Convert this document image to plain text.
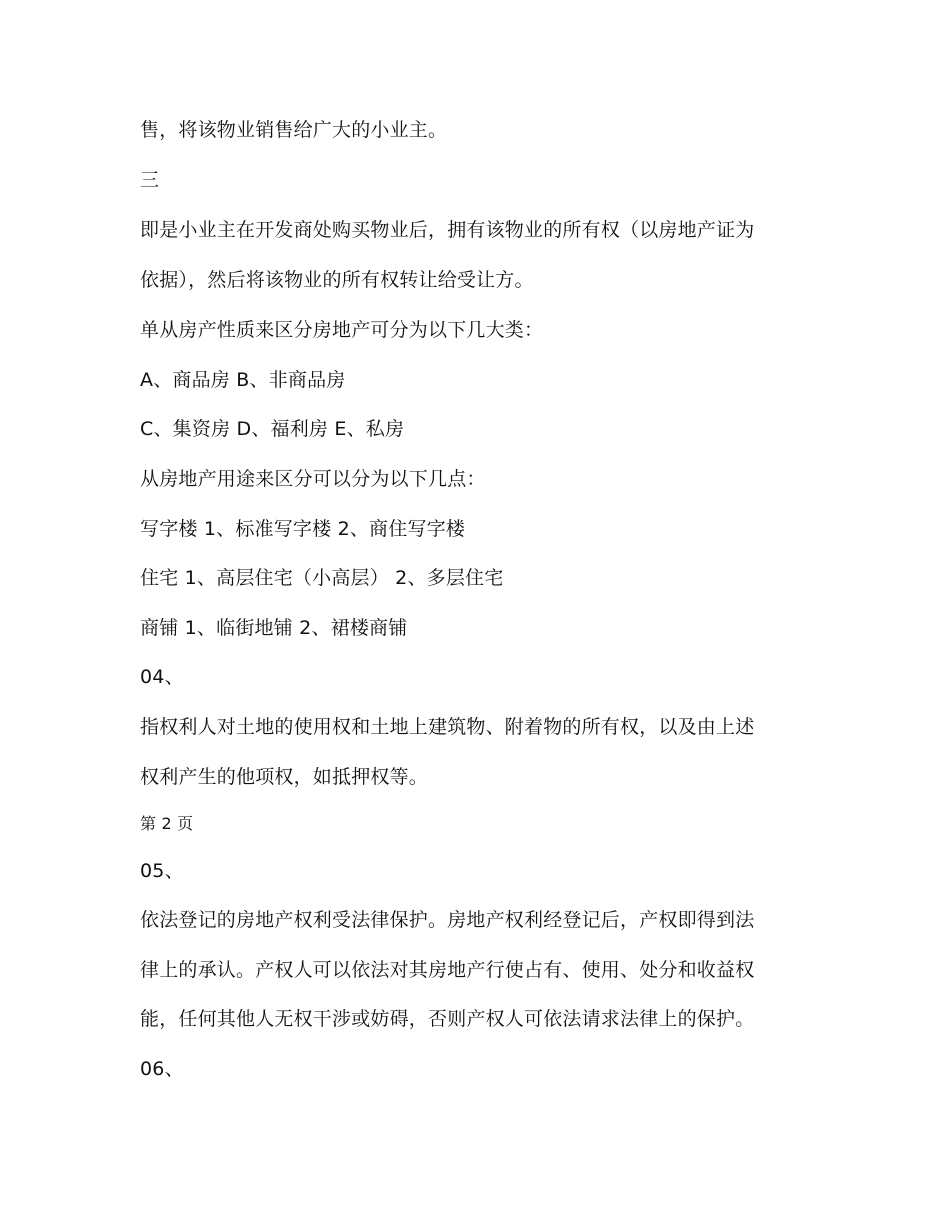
售，将该物业销售给广大的小业主。
三
即是小业主在开发商处购买物业后，拥有该物业的所有权（以房地产证为
依据），然后将该物业的所有权转让给受让方。
单从房产性质来区分房地产可分为以下几大类：
A、商品房 B、非商品房
C、集资房 D、福利房 E、私房
从房地产用途来区分可以分为以下几点：
写字楼 1、标准写字楼 2、商住写字楼
住宅 1、高层住宅（小高层） 2、多层住宅
商铺 1、临街地铺 2、裙楼商铺
04、
指权利人对土地的使用权和土地上建筑物、附着物的所有权，以及由上述
权利产生的他项权，如抵押权等。
第 2 页
05、
依法登记的房地产权利受法律保护。房地产权利经登记后，产权即得到法
律上的承认。产权人可以依法对其房地产行使占有、使用、处分和收益权
能，任何其他人无权干涉或妨碍，否则产权人可依法请求法律上的保护。
06、
